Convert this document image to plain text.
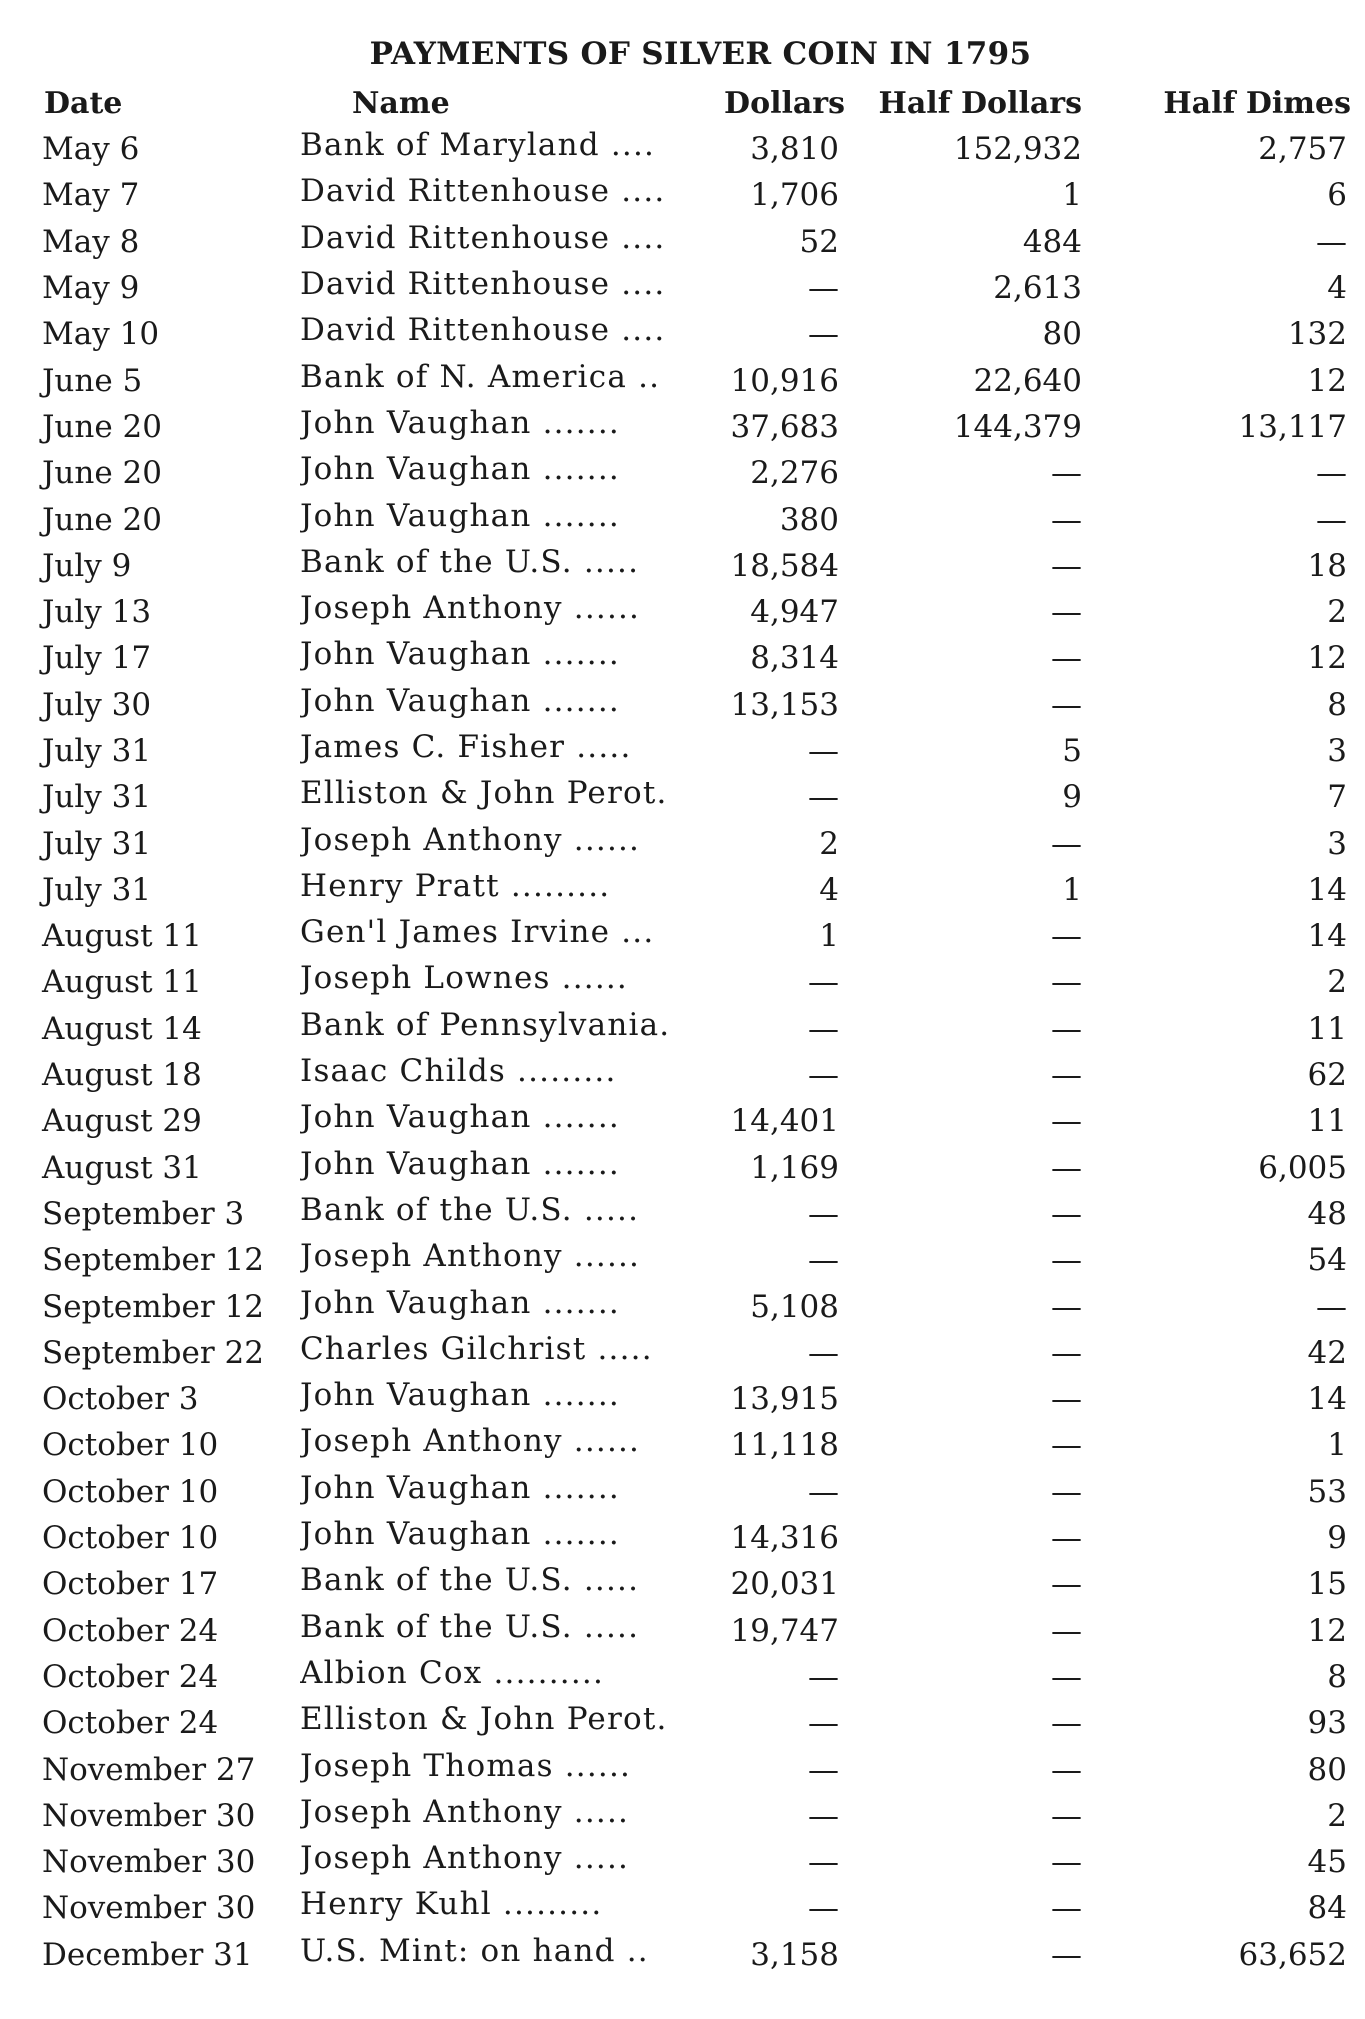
PAYMENTS OF SILVER COIN IN 1795
Date	Name	Dollars	Half Dollars	Half Dimes
May 6	Bank of Maryland ....	3,810	152,932	2,757
May 7	David Rittenhouse ....	1,706	1	6
May 8	David Rittenhouse ....	52	484	—
May 9	David Rittenhouse ....	—	2,613	4
May 10	David Rittenhouse ....	—	80	132
June 5	Bank of N. America ..	10,916	22,640	12
June 20	John Vaughan .......	37,683	144,379	13,117
June 20	John Vaughan .......	2,276	—	—
June 20	John Vaughan .......	380	—	—
July 9	Bank of the U.S. .....	18,584	—	18
July 13	Joseph Anthony ......	4,947	—	2
July 17	John Vaughan .......	8,314	—	12
July 30	John Vaughan .......	13,153	—	8
July 31	James C. Fisher .....	—	5	3
July 31	Elliston & John Perot.	—	9	7
July 31	Joseph Anthony ......	2	—	3
July 31	Henry Pratt .........	4	1	14
August 11	Gen'l James Irvine ...	1	—	14
August 11	Joseph Lownes ......	—	—	2
August 14	Bank of Pennsylvania.	—	—	11
August 18	Isaac Childs .........	—	—	62
August 29	John Vaughan .......	14,401	—	11
August 31	John Vaughan .......	1,169	—	6,005
September 3	Bank of the U.S. .....	—	—	48
September 12	Joseph Anthony ......	—	—	54
September 12	John Vaughan .......	5,108	—	—
September 22	Charles Gilchrist .....	—	—	42
October 3	John Vaughan .......	13,915	—	14
October 10	Joseph Anthony ......	11,118	—	1
October 10	John Vaughan .......	—	—	53
October 10	John Vaughan .......	14,316	—	9
October 17	Bank of the U.S. .....	20,031	—	15
October 24	Bank of the U.S. .....	19,747	—	12
October 24	Albion Cox ..........	—	—	8
October 24	Elliston & John Perot.	—	—	93
November 27	Joseph Thomas ......	—	—	80
November 30	Joseph Anthony .....	—	—	2
November 30	Joseph Anthony .....	—	—	45
November 30	Henry Kuhl .........	—	—	84
December 31	U.S. Mint: on hand ..	3,158	—	63,652
